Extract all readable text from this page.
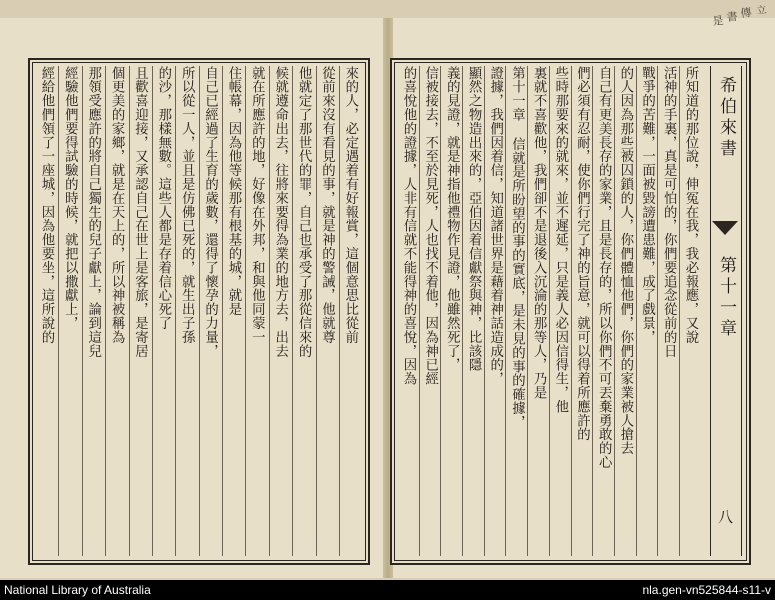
立
傳
書
是
來的人，必定遇着有好報賞，這個意思比從前
從前來沒有看見的事，就是神的警誡，他就尊
他就定了那世代的罪，自己也承受了那從信來的
候就遵命出去，往將來要得為業的地方去，出去
就在所應許的地，好像在外邦，和與他同蒙一
住帳幕，因為他等候那有根基的城，就是
自己已經過了生育的歲數，還得了懷孕的力量，
所以從一人，並且是仿佛已死的，就生出子孫
的沙，那樣無數。這些人都是存着信心死了
且歡喜迎接，又承認自己在世上是客旅，是寄居
個更美的家鄉，就是在天上的，所以神被稱為
那領受應許的將自己獨生的兒子獻上，論到這兒
經驗他們要得試驗的時候，就把以撒獻上，
經給他們領了一座城，因為他要坐，這所說的	所知道的那位說，伸冤在我，我必報應，又說
活神的手裏，真是可怕的，你們要追念從前的日
戰爭的苦難，一面被毀謗遭患難，成了戲景，
的人因為那些被囚鎖的人，你們體恤他們，你們的家業被人搶去
自己有更美長存的家業，且是長存的，所以你們不可丟棄勇敢的心
們必須有忍耐，使你們行完了神的旨意，就可以得着所應許的
些時那要來的就來，並不遲延，只是義人必因信得生，他
裏就不喜歡他，我們卻不是退後入沉淪的那等人，乃是
第十一章 信就是所盼望的事的實底，是未見的事的確據，
證據，我們因着信，知道諸世界是藉着神話造成的，
顯然之物造出來的，亞伯因着信獻祭與神，比該隱
義的見證，就是神指他禮物作見證，他雖然死了，
信被接去，不至於見死，人也找不着他，因為神已經
的喜悅他的證據，人非有信就不能得神的喜悅，因為	希伯來書
第十一章
八
National Library of Australia	nla.gen-vn525844-s11-v
